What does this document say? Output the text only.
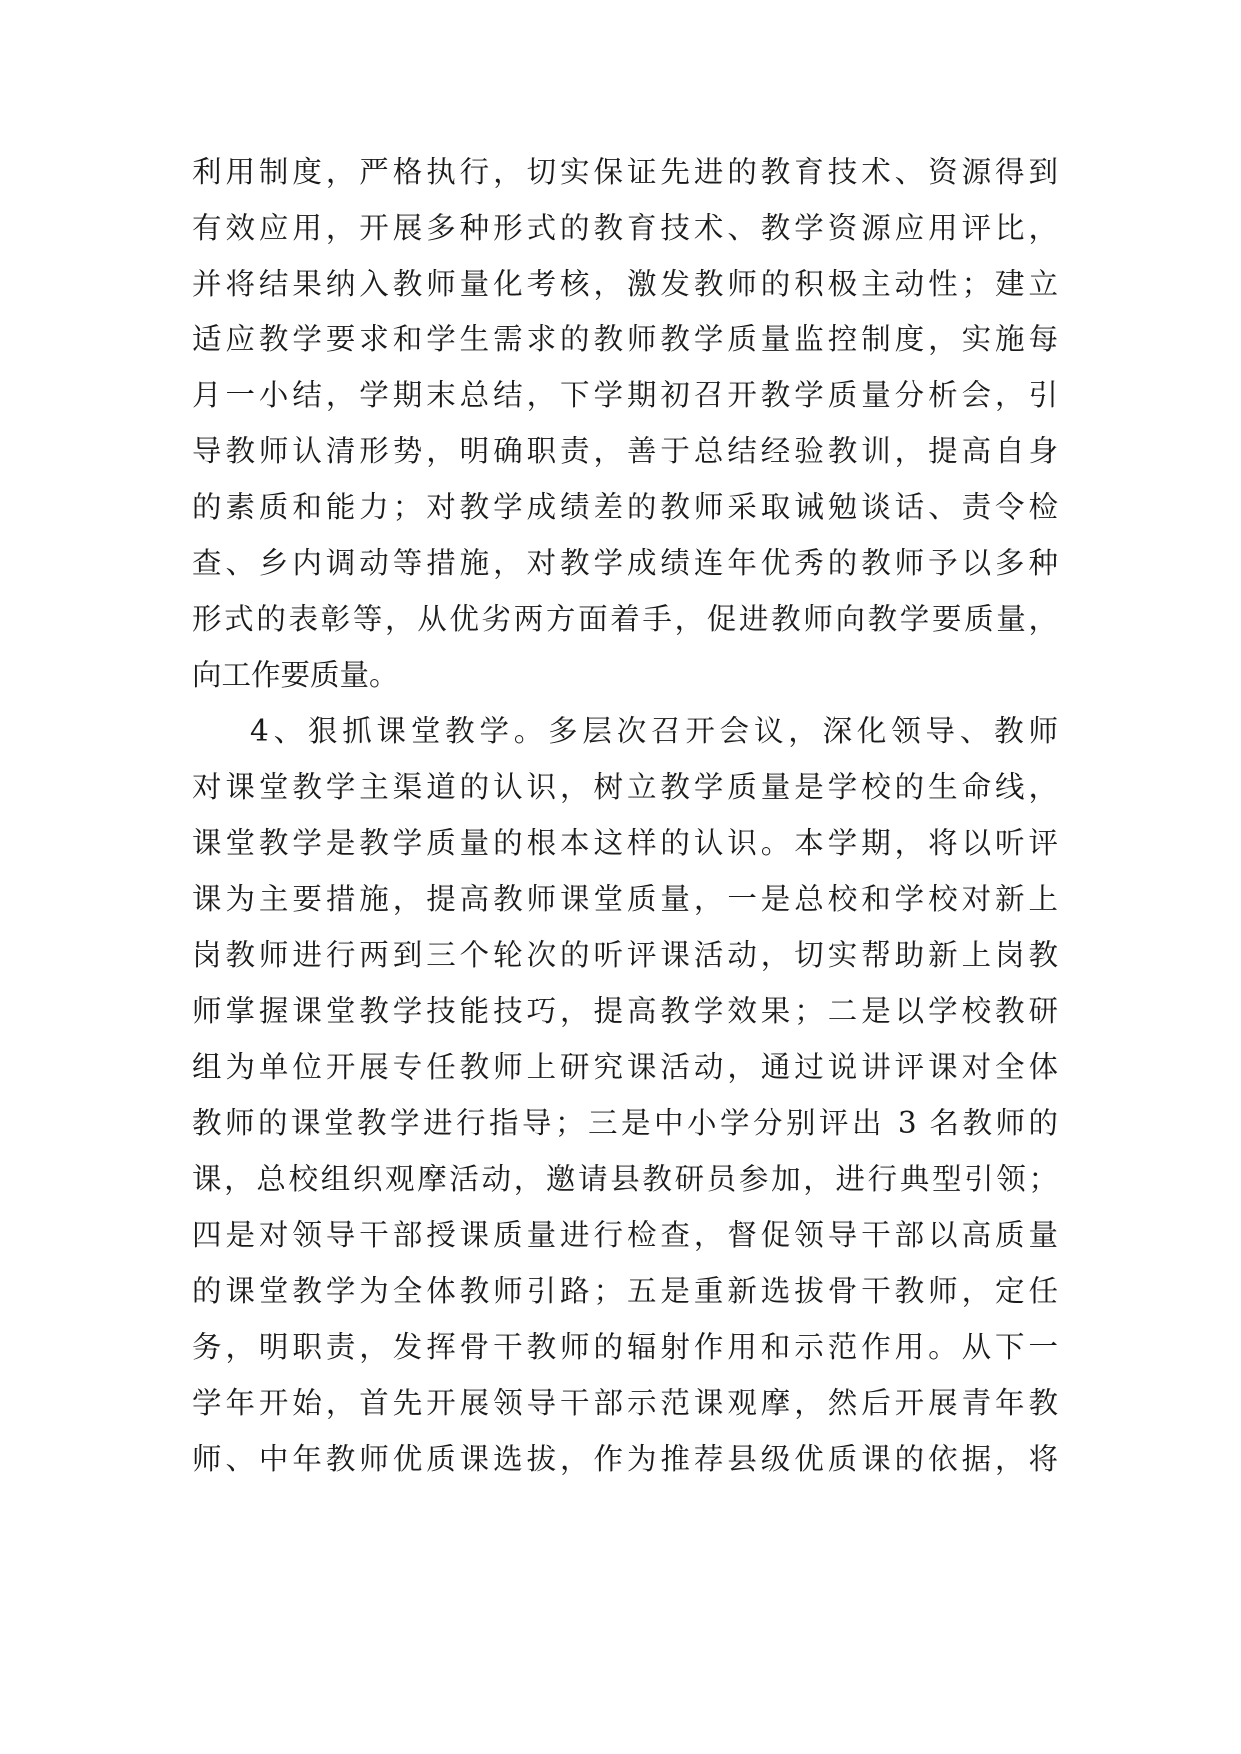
利用制度，严格执行，切实保证先进的教育技术、资源得到
有效应用，开展多种形式的教育技术、教学资源应用评比，
并将结果纳入教师量化考核，激发教师的积极主动性；建立
适应教学要求和学生需求的教师教学质量监控制度，实施每
月一小结，学期末总结，下学期初召开教学质量分析会，引
导教师认清形势，明确职责，善于总结经验教训，提高自身
的素质和能力；对教学成绩差的教师采取诫勉谈话、责令检
查、乡内调动等措施，对教学成绩连年优秀的教师予以多种
形式的表彰等，从优劣两方面着手，促进教师向教学要质量，
向工作要质量。
4、狠抓课堂教学。多层次召开会议，深化领导、教师
对课堂教学主渠道的认识，树立教学质量是学校的生命线，
课堂教学是教学质量的根本这样的认识。本学期，将以听评
课为主要措施，提高教师课堂质量，一是总校和学校对新上
岗教师进行两到三个轮次的听评课活动，切实帮助新上岗教
师掌握课堂教学技能技巧，提高教学效果；二是以学校教研
组为单位开展专任教师上研究课活动，通过说讲评课对全体
教师的课堂教学进行指导；三是中小学分别评出 3 名教师的
课，总校组织观摩活动，邀请县教研员参加，进行典型引领；
四是对领导干部授课质量进行检查，督促领导干部以高质量
的课堂教学为全体教师引路；五是重新选拔骨干教师，定任
务，明职责，发挥骨干教师的辐射作用和示范作用。从下一
学年开始，首先开展领导干部示范课观摩，然后开展青年教
师、中年教师优质课选拔，作为推荐县级优质课的依据，将
